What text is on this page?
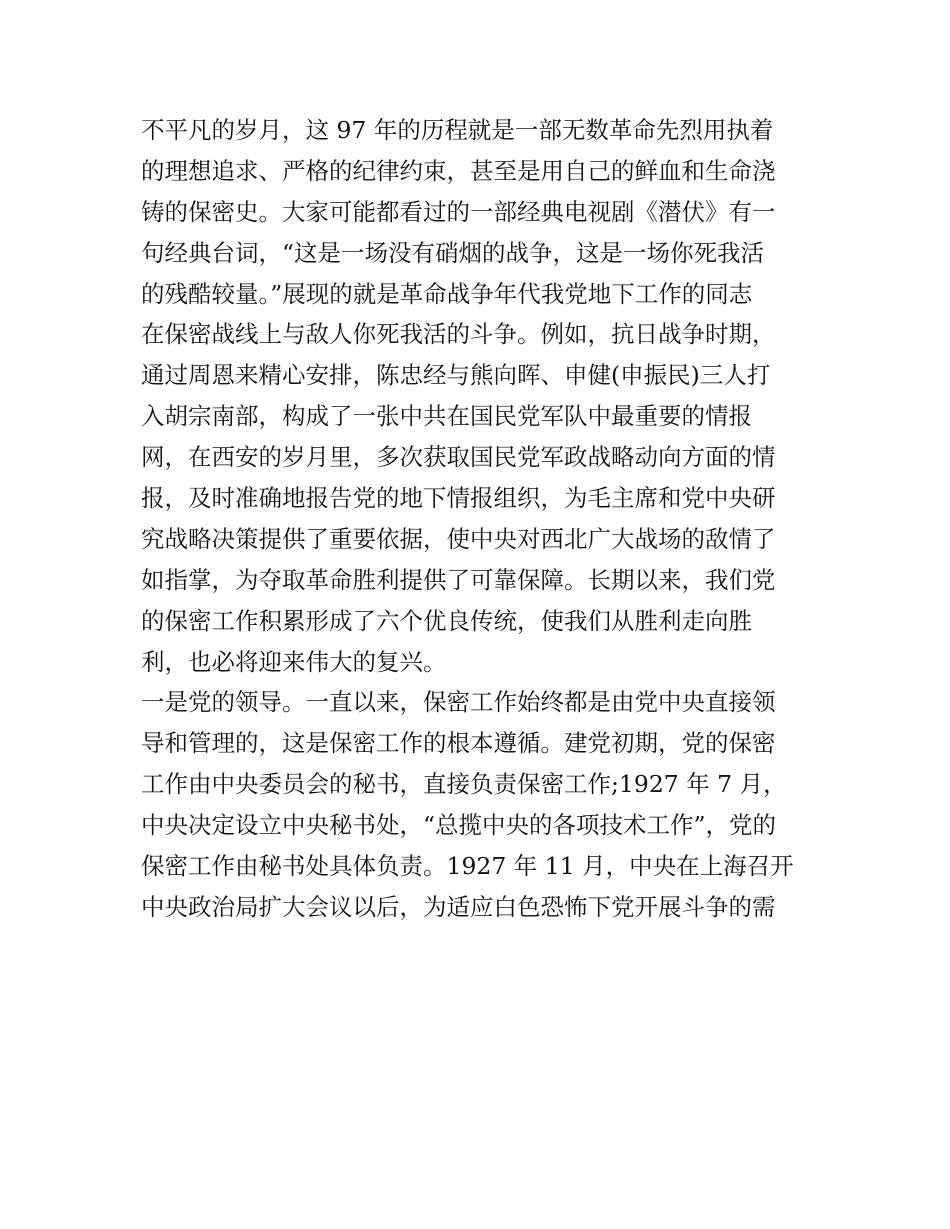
不平凡的岁月，这 97 年的历程就是一部无数革命先烈用执着
的理想追求、严格的纪律约束，甚至是用自己的鲜血和生命浇
铸的保密史。大家可能都看过的一部经典电视剧《潜伏》有一
句经典台词，“这是一场没有硝烟的战争，这是一场你死我活
的残酷较量。”展现的就是革命战争年代我党地下工作的同志
在保密战线上与敌人你死我活的斗争。例如，抗日战争时期，
通过周恩来精心安排，陈忠经与熊向晖、申健(申振民)三人打
入胡宗南部，构成了一张中共在国民党军队中最重要的情报
网，在西安的岁月里，多次获取国民党军政战略动向方面的情
报，及时准确地报告党的地下情报组织，为毛主席和党中央研
究战略决策提供了重要依据，使中央对西北广大战场的敌情了
如指掌，为夺取革命胜利提供了可靠保障。长期以来，我们党
的保密工作积累形成了六个优良传统，使我们从胜利走向胜
利，也必将迎来伟大的复兴。
一是党的领导。一直以来，保密工作始终都是由党中央直接领
导和管理的，这是保密工作的根本遵循。建党初期，党的保密
工作由中央委员会的秘书，直接负责保密工作;1927 年 7 月，
中央决定设立中央秘书处，“总揽中央的各项技术工作”，党的
保密工作由秘书处具体负责。1927 年 11 月，中央在上海召开
中央政治局扩大会议以后，为适应白色恐怖下党开展斗争的需
